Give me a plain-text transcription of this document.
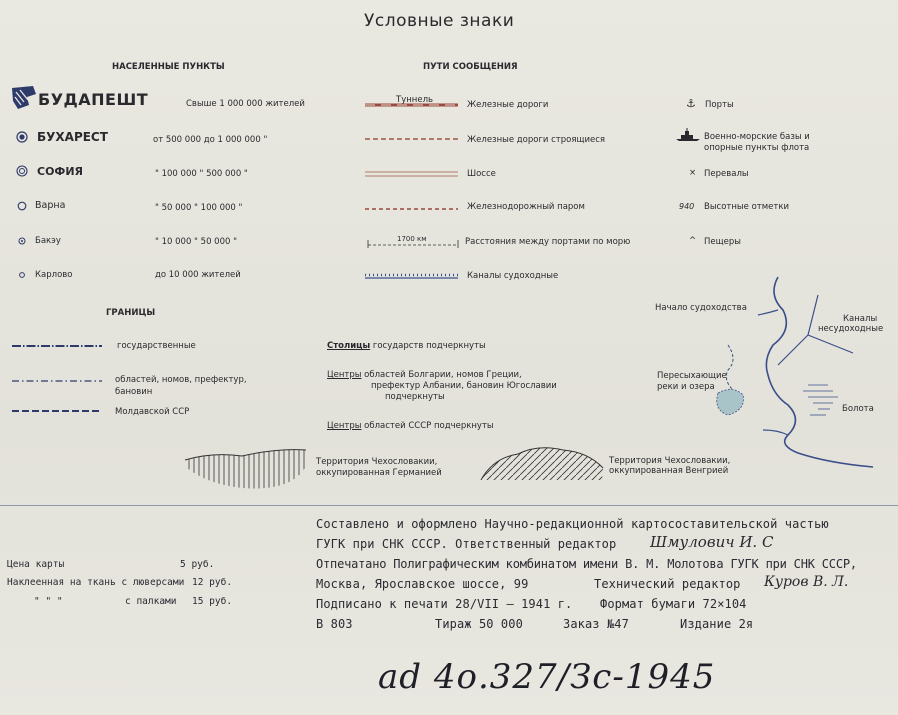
Условные знаки
НАСЕЛЕННЫЕ ПУНКТЫ
БУДАПЕШТ	Свыше 1 000 000 жителей
БУХАРЕСТ	от 500 000 до 1 000 000 "
СОФИЯ	" 100 000 " 500 000 "
Варна	" 50 000 " 100 000 "
Бакэу	" 10 000 " 50 000 "
Карлово	до 10 000 жителей
ПУТИ СООБЩЕНИЯ
Туннель
1700 км
Железные дороги
Железные дороги строящиеся
Шоссе
Железнодорожный паром
Расстояния между портами по морю
Каналы судоходные
⚓ Порты
Военно-морские базы и
опорные пункты флота
× Перевалы
940 Высотные отметки
^ Пещеры
ГРАНИЦЫ
государственные
областей, номов, префектур,
бановин
Молдавской ССР
Столицы государств подчеркнуты
Центры областей Болгарии, номов Греции,
префектур Албании, бановин Югославии
подчеркнуты
Центры областей СССР подчеркнуты
Территория Чехословакии,
оккупированная Германией
Территория Чехословакии,
оккупированная Венгрией
Начало судоходства
Каналы
несудоходные
Пересыхающие
реки и озера
Болота
Цена карты	5 руб.
Наклеенная на ткань с люверсами 12 руб.
" " "	с палками 15 руб.
Составлено и оформлено Научно-редакционной картосоставительской частью
ГУГК при СНК СССР. Ответственный редактор Шмулович И. С
Отпечатано Полиграфическим комбинатом имени В. М. Молотова ГУГК при СНК СССР,
Москва, Ярославское шоссе, 99	Технический редактор Куров В. Л.
Подписано к печати 28/VII — 1941 г. Формат бумаги 72×104
В 803	Тираж 50 000	Заказ №47	Издание 2я
ad 4о.327/Зс-1945
